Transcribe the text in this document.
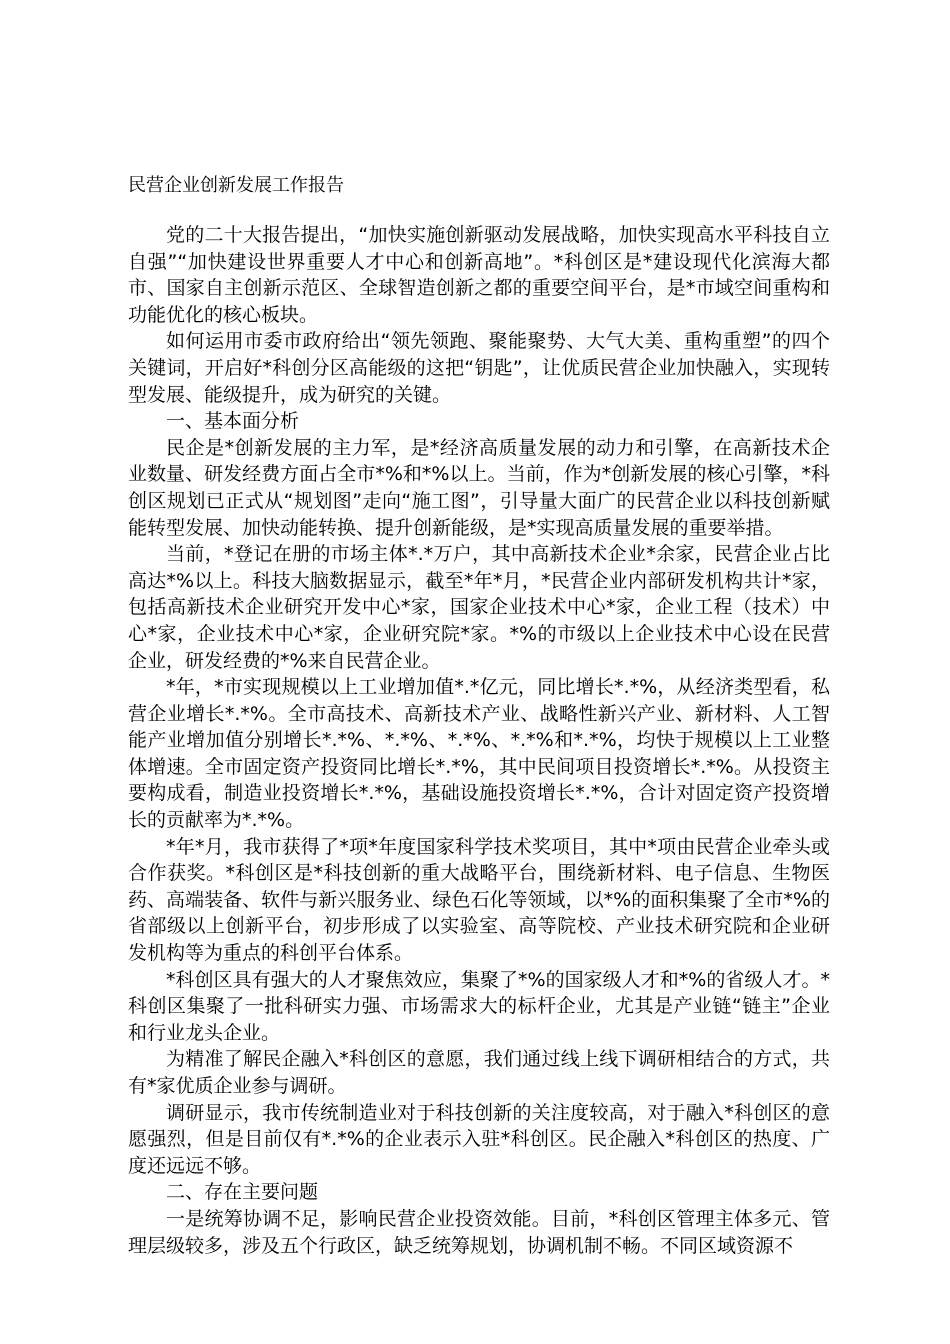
民营企业创新发展工作报告

党的二十大报告提出，“加快实施创新驱动发展战略，加快实现高水平科技自立自强”“加快建设世界重要人才中心和创新高地”。*科创区是*建设现代化滨海大都市、国家自主创新示范区、全球智造创新之都的重要空间平台，是*市域空间重构和功能优化的核心板块。

如何运用市委市政府给出“领先领跑、聚能聚势、大气大美、重构重塑”的四个关键词，开启好*科创分区高能级的这把“钥匙”，让优质民营企业加快融入，实现转型发展、能级提升，成为研究的关键。

一、基本面分析

民企是*创新发展的主力军，是*经济高质量发展的动力和引擎，在高新技术企业数量、研发经费方面占全市*%和*%以上。当前，作为*创新发展的核心引擎，*科创区规划已正式从“规划图”走向“施工图”，引导量大面广的民营企业以科技创新赋能转型发展、加快动能转换、提升创新能级，是*实现高质量发展的重要举措。

当前，*登记在册的市场主体*.*万户，其中高新技术企业*余家，民营企业占比高达*%以上。科技大脑数据显示，截至*年*月，*民营企业内部研发机构共计*家，包括高新技术企业研究开发中心*家，国家企业技术中心*家，企业工程（技术）中心*家，企业技术中心*家，企业研究院*家。*%的市级以上企业技术中心设在民营企业，研发经费的*%来自民营企业。

*年，*市实现规模以上工业增加值*.*亿元，同比增长*.*%，从经济类型看，私营企业增长*.*%。全市高技术、高新技术产业、战略性新兴产业、新材料、人工智能产业增加值分别增长*.*%、*.*%、*.*%、*.*%和*.*%，均快于规模以上工业整体增速。全市固定资产投资同比增长*.*%，其中民间项目投资增长*.*%。从投资主要构成看，制造业投资增长*.*%，基础设施投资增长*.*%，合计对固定资产投资增长的贡献率为*.*%。

*年*月，我市获得了*项*年度国家科学技术奖项目，其中*项由民营企业牵头或合作获奖。*科创区是*科技创新的重大战略平台，围绕新材料、电子信息、生物医药、高端装备、软件与新兴服务业、绿色石化等领域，以*%的面积集聚了全市*%的省部级以上创新平台，初步形成了以实验室、高等院校、产业技术研究院和企业研发机构等为重点的科创平台体系。

*科创区具有强大的人才聚焦效应，集聚了*%的国家级人才和*%的省级人才。*科创区集聚了一批科研实力强、市场需求大的标杆企业，尤其是产业链“链主”企业和行业龙头企业。

为精准了解民企融入*科创区的意愿，我们通过线上线下调研相结合的方式，共有*家优质企业参与调研。

调研显示，我市传统制造业对于科技创新的关注度较高，对于融入*科创区的意愿强烈，但是目前仅有*.*%的企业表示入驻*科创区。民企融入*科创区的热度、广度还远远不够。

二、存在主要问题

一是统筹协调不足，影响民营企业投资效能。目前，*科创区管理主体多元、管理层级较多，涉及五个行政区，缺乏统筹规划，协调机制不畅。不同区域资源不
